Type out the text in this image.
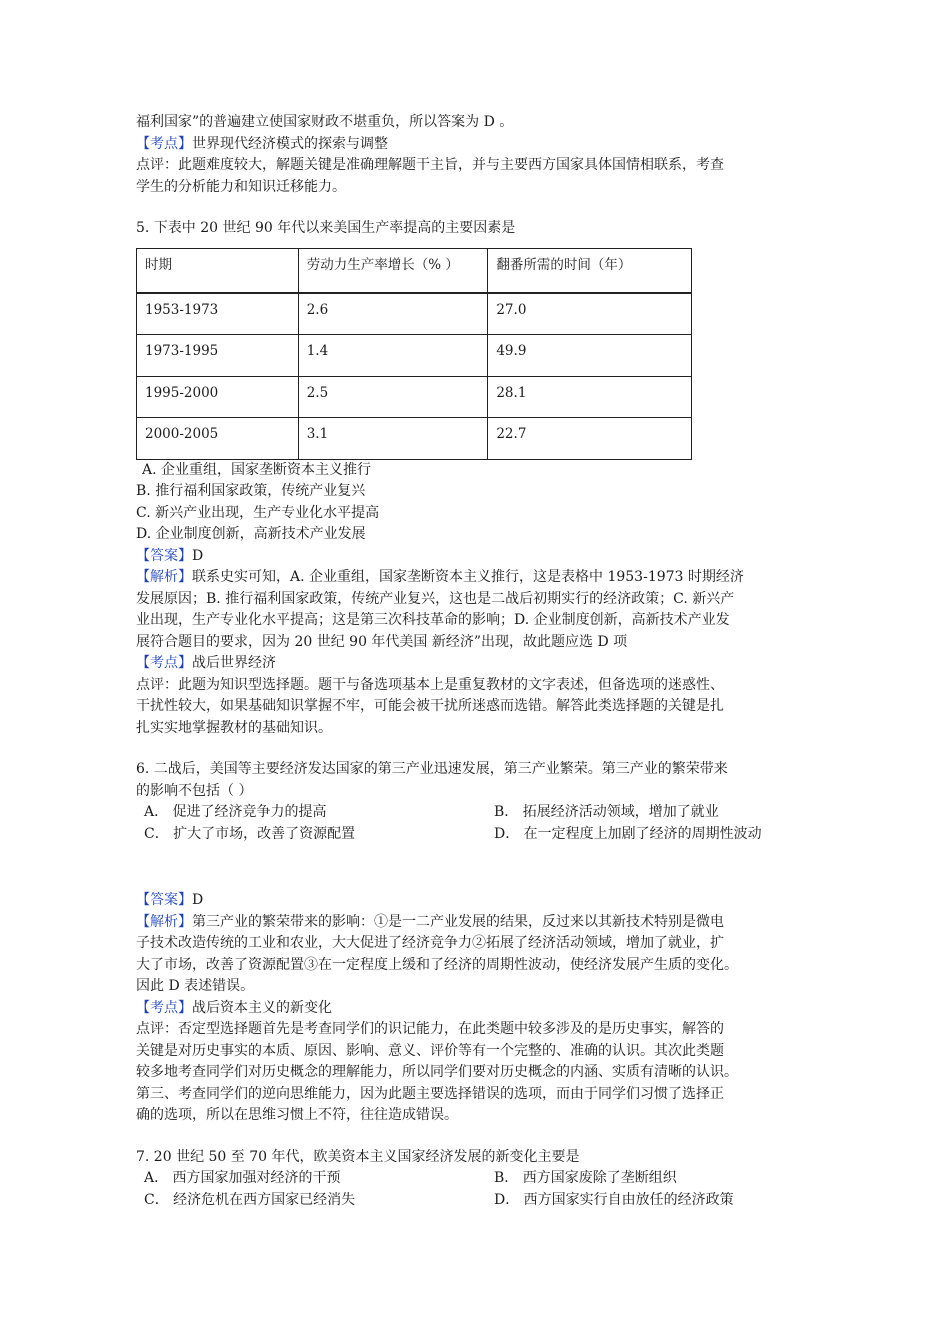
福利国家”的普遍建立使国家财政不堪重负，所以答案为 D 。

【考点】世界现代经济模式的探索与调整

点评：此题难度较大，解题关键是准确理解题干主旨，并与主要西方国家具体国情相联系，考查

学生的分析能力和知识迁移能力。

5. 下表中 20 世纪 90 年代以来美国生产率提高的主要因素是

时期	劳动力生产率增长（% ）	翻番所需的时间（年）
1953-1973	2.6	27.0
1973-1995	1.4	49.9
1995-2000	2.5	28.1
2000-2005	3.1	22.7

A. 企业重组，国家垄断资本主义推行

B. 推行福利国家政策，传统产业复兴

C. 新兴产业出现，生产专业化水平提高

D. 企业制度创新，高新技术产业发展

【答案】D

【解析】联系史实可知，A. 企业重组，国家垄断资本主义推行，这是表格中 1953-1973 时期经济

发展原因；B. 推行福利国家政策，传统产业复兴，这也是二战后初期实行的经济政策；C. 新兴产

业出现，生产专业化水平提高；这是第三次科技革命的影响；D. 企业制度创新，高新技术产业发

展符合题目的要求，因为 20 世纪 90 年代美国 新经济”出现，故此题应选 D 项

【考点】战后世界经济

点评：此题为知识型选择题。题干与备选项基本上是重复教材的文字表述，但备选项的迷惑性、

干扰性较大，如果基础知识掌握不牢，可能会被干扰所迷惑而选错。解答此类选择题的关键是扎

扎实实地掌握教材的基础知识。

6. 二战后，美国等主要经济发达国家的第三产业迅速发展，第三产业繁荣。第三产业的繁荣带来

的影响不包括（ ）

A． 促进了经济竞争力的提高	B． 拓展经济活动领域，增加了就业

C． 扩大了市场，改善了资源配置	D． 在一定程度上加剧了经济的周期性波动

【答案】D

【解析】第三产业的繁荣带来的影响：①是一二产业发展的结果，反过来以其新技术特别是微电

子技术改造传统的工业和农业，大大促进了经济竞争力②拓展了经济活动领域，增加了就业，扩

大了市场，改善了资源配置③在一定程度上缓和了经济的周期性波动，使经济发展产生质的变化。

因此 D 表述错误。

【考点】战后资本主义的新变化

点评：否定型选择题首先是考查同学们的识记能力，在此类题中较多涉及的是历史事实，解答的

关键是对历史事实的本质、原因、影响、意义、评价等有一个完整的、准确的认识。其次此类题

较多地考查同学们对历史概念的理解能力，所以同学们要对历史概念的内涵、实质有清晰的认识。

第三、考查同学们的逆向思维能力，因为此题主要选择错误的选项，而由于同学们习惯了选择正

确的选项，所以在思维习惯上不符，往往造成错误。

7. 20 世纪 50 至 70 年代，欧美资本主义国家经济发展的新变化主要是

A． 西方国家加强对经济的干预	B． 西方国家废除了垄断组织

C． 经济危机在西方国家已经消失	D． 西方国家实行自由放任的经济政策
